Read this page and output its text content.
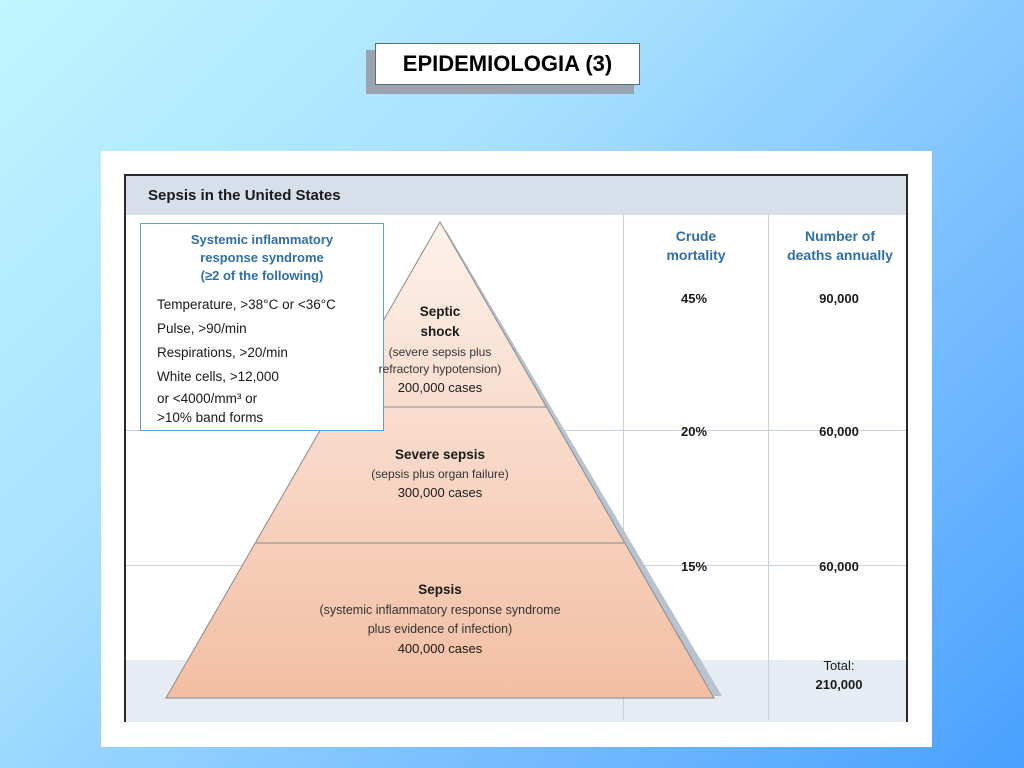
EPIDEMIOLOGIA (3)
Sepsis in the United States
Crude
mortality
Number of
deaths annually
45%	90,000
20%	60,000
15%	60,000
Total:
210,000
Systemic inflammatory
response syndrome
(≥2 of the following)
Temperature, >38°C or <36°C
Pulse, >90/min
Respirations, >20/min
White cells, >12,000
or <4000/mm³ or
>10% band forms
Septic
shock
(severe sepsis plus
refractory hypotension)
200,000 cases
Severe sepsis
(sepsis plus organ failure)
300,000 cases
Sepsis
(systemic inflammatory response syndrome
plus evidence of infection)
400,000 cases
